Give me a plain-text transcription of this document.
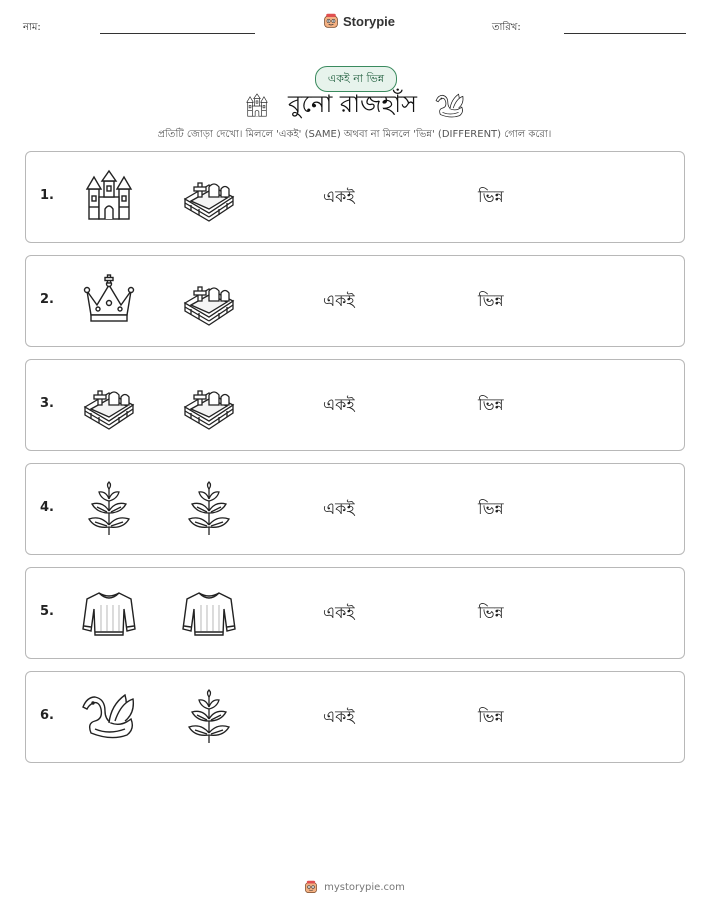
নাম:	Storypie	তারিখ:
একই না ভিন্ন
বুনো রাজহাঁস
প্রতিটি জোড়া দেখো। মিললে 'একই' (SAME) অথবা না মিললে 'ভিন্ন' (DIFFERENT) গোল করো।
1.	একই	ভিন্ন
2.	একই	ভিন্ন
3.	একই	ভিন্ন
4.	একই	ভিন্ন
5.	একই	ভিন্ন
6.	একই	ভিন্ন
mystorypie.com
